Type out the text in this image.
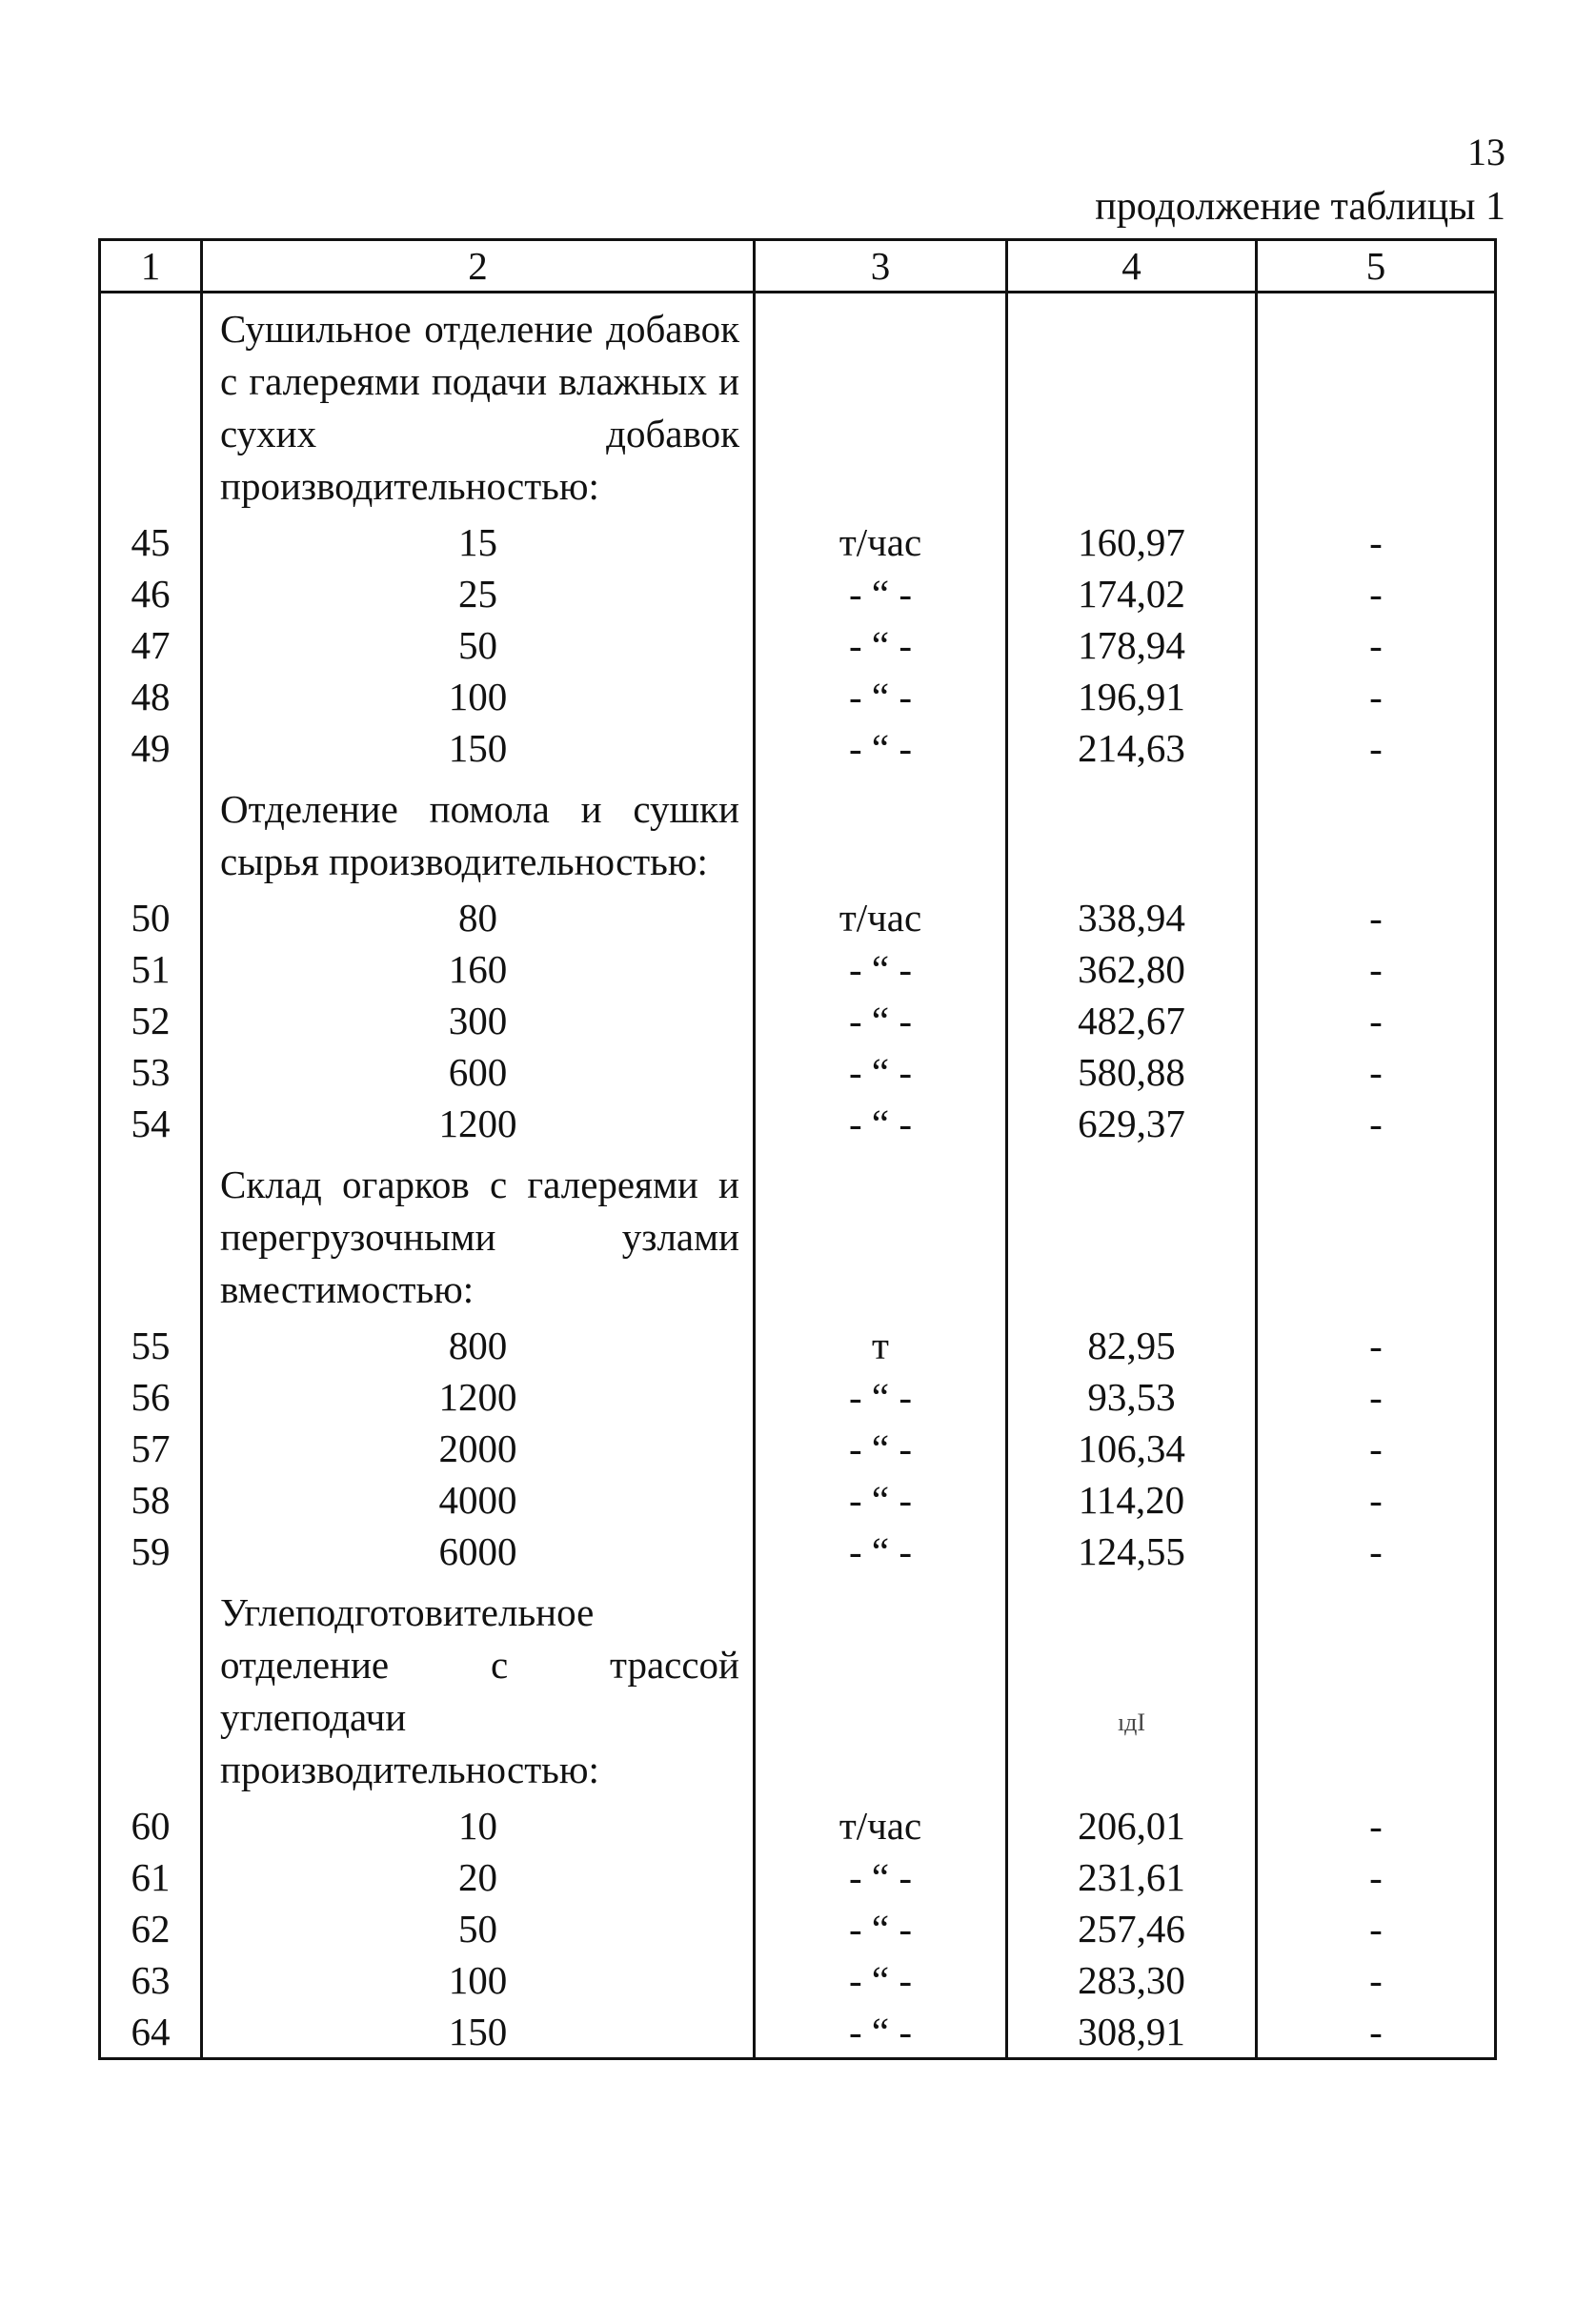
13
продолжение таблицы 1
1	2	3	4	5

	Сушильное отделение добавок с галереями подачи влажных и сухих добавок производительностью:			

45	15	т/час	160,97	-
46	25	- “ -	174,02	-
47	50	- “ -	178,94	-
48	100	- “ -	196,91	-
49	150	- “ -	214,63	-

	Отделение помола и сушки сырья производительностью:			

50	80	т/час	338,94	-
51	160	- “ -	362,80	-
52	300	- “ -	482,67	-
53	600	- “ -	580,88	-
54	1200	- “ -	629,37	-

	Склад огарков с галереями и перегрузочными узлами вместимостью:			

55	800	т	82,95	-
56	1200	- “ -	93,53	-
57	2000	- “ -	106,34	-
58	4000	- “ -	114,20	-
59	6000	- “ -	124,55	-

	Углеподготовительное отделение с трассой углеподачи производительностью:		ıдI	

60	10	т/час	206,01	-
61	20	- “ -	231,61	-
62	50	- “ -	257,46	-
63	100	- “ -	283,30	-
64	150	- “ -	308,91	-
